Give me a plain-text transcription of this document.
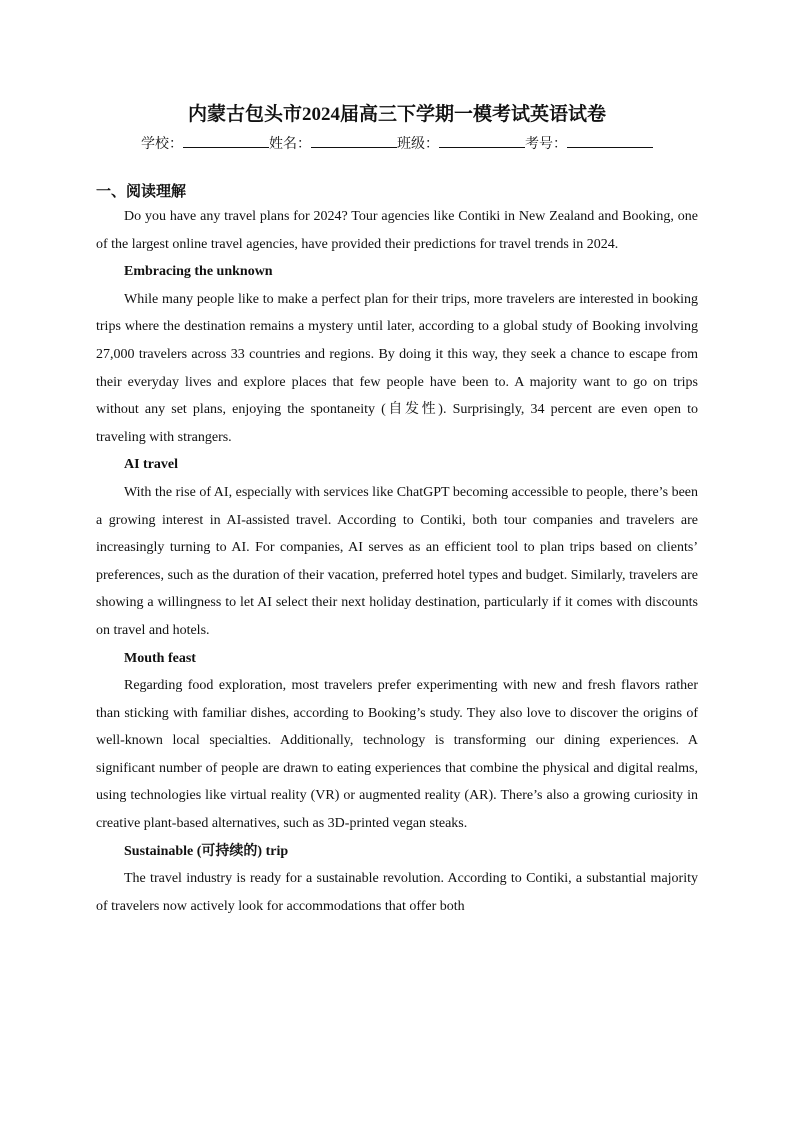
内蒙古包头市2024届高三下学期一模考试英语试卷
学校：	姓名：	班级：	考号：
一、阅读理解

Do you have any travel plans for 2024? Tour agencies like Contiki in New Zealand and Booking, one of the largest online travel agencies, have provided their predictions for travel trends in 2024.

Embracing the unknown

While many people like to make a perfect plan for their trips, more travelers are interested in booking trips where the destination remains a mystery until later, according to a global study of Booking involving 27,000 travelers across 33 countries and regions. By doing it this way, they seek a chance to escape from their everyday lives and explore places that few people have been to. A majority want to go on trips without any set plans, enjoying the spontaneity (自发性). Surprisingly, 34 percent are even open to traveling with strangers.

AI travel

With the rise of AI, especially with services like ChatGPT becoming accessible to people, there’s been a growing interest in AI-assisted travel. According to Contiki, both tour companies and travelers are increasingly turning to AI. For companies, AI serves as an efficient tool to plan trips based on clients’ preferences, such as the duration of their vacation, preferred hotel types and budget. Similarly, travelers are showing a willingness to let AI select their next holiday destination, particularly if it comes with discounts on travel and hotels.

Mouth feast

Regarding food exploration, most travelers prefer experimenting with new and fresh flavors rather than sticking with familiar dishes, according to Booking’s study. They also love to discover the origins of well-known local specialties. Additionally, technology is transforming our dining experiences. A significant number of people are drawn to eating experiences that combine the physical and digital realms, using technologies like virtual reality (VR) or augmented reality (AR). There’s also a growing curiosity in creative plant-based alternatives, such as 3D-printed vegan steaks.

Sustainable (可持续的) trip

The travel industry is ready for a sustainable revolution. According to Contiki, a substantial majority of travelers now actively look for accommodations that offer both
